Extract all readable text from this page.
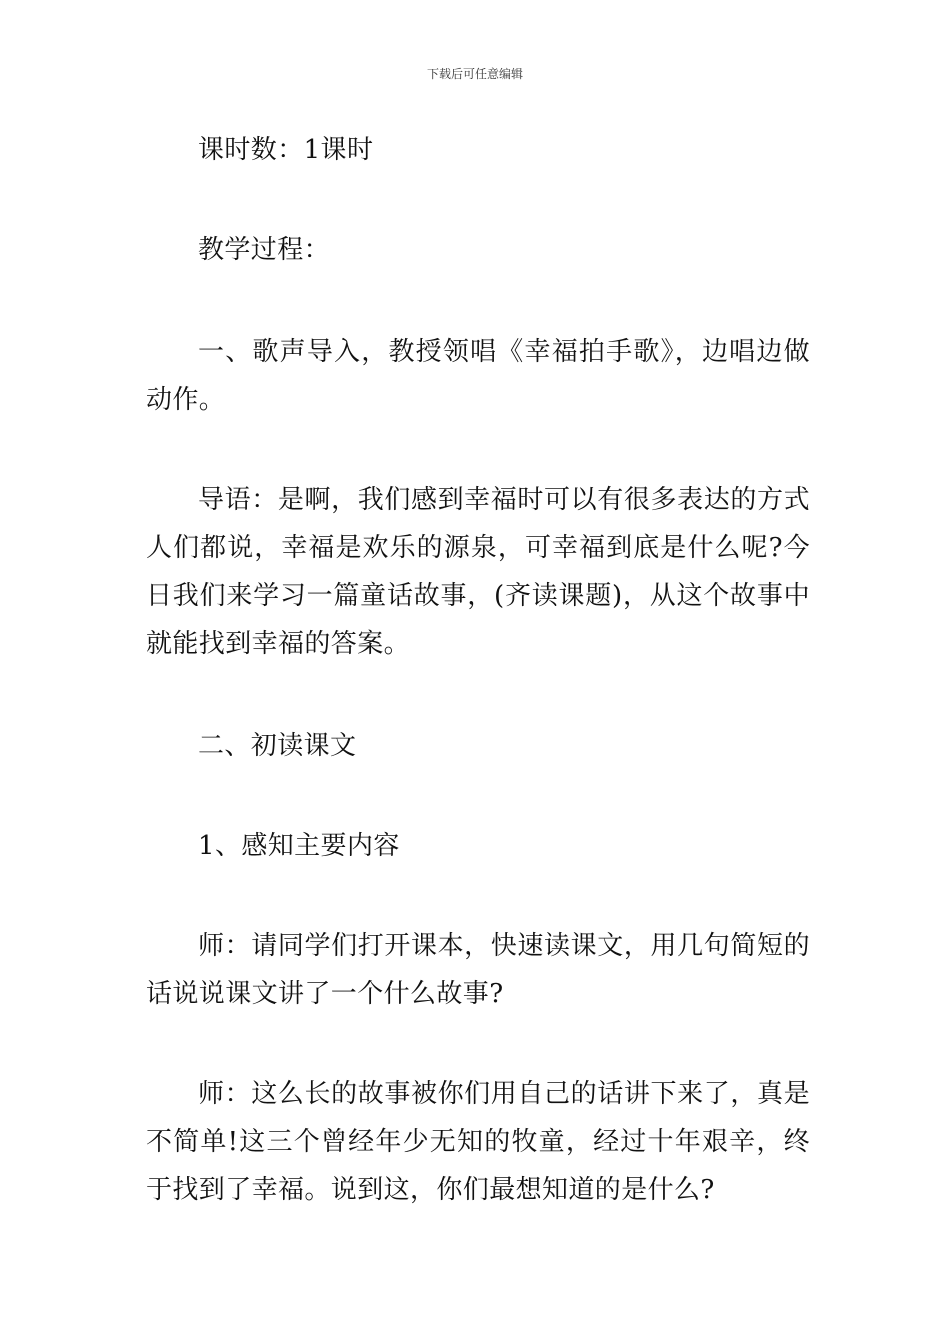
下载后可任意编辑

课时数：1课时

教学过程：

一、歌声导入，教授领唱《幸福拍手歌》，边唱边做动作。

导语：是啊，我们感到幸福时可以有很多表达的方式人们都说，幸福是欢乐的源泉，可幸福到底是什么呢?今日我们来学习一篇童话故事，(齐读课题)，从这个故事中就能找到幸福的答案。

二、初读课文

1、感知主要内容

师：请同学们打开课本，快速读课文，用几句简短的话说说课文讲了一个什么故事?

师：这么长的故事被你们用自己的话讲下来了，真是不简单!这三个曾经年少无知的牧童，经过十年艰辛，终于找到了幸福。说到这，你们最想知道的是什么?
